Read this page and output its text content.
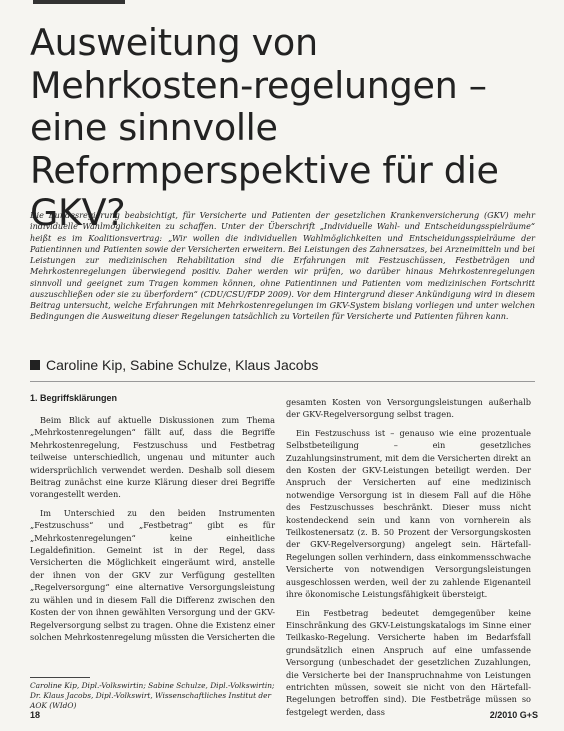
Ausweitung von Mehrkosten-regelungen – eine sinnvolle Reformperspektive für die GKV?

Die Bundesregierung beabsichtigt, für Versicherte und Patienten der gesetzlichen Krankenversicherung (GKV) mehr individuelle Wahlmöglichkeiten zu schaffen. Unter der Überschrift „Individuelle Wahl- und Entscheidungsspielräume“ heißt es im Koalitionsvertrag: „Wir wollen die individuellen Wahlmöglichkeiten und Entscheidungsspielräume der Patientinnen und Patienten sowie der Versicherten erweitern. Bei Leistungen des Zahnersatzes, bei Arzneimitteln und bei Leistungen zur medizinischen Rehabilitation sind die Erfahrungen mit Festzuschüssen, Festbeträgen und Mehrkostenregelungen überwiegend positiv. Daher werden wir prüfen, wo darüber hinaus Mehrkostenregelungen sinnvoll und geeignet zum Tragen kommen können, ohne Patientinnen und Patienten vom medizinischen Fortschritt auszuschließen oder sie zu überfordern“ (CDU/CSU/FDP 2009). Vor dem Hintergrund dieser Ankündigung wird in diesem Beitrag untersucht, welche Erfahrungen mit Mehrkostenregelungen im GKV-System bislang vorliegen und unter welchen Bedingungen die Ausweitung dieser Regelungen tatsächlich zu Vorteilen für Versicherte und Patienten führen kann.

Caroline Kip, Sabine Schulze, Klaus Jacobs
1. Begriffsklärungen

Beim Blick auf aktuelle Diskussionen zum Thema „Mehrkostenregelungen“ fällt auf, dass die Begriffe Mehrkostenregelung, Festzuschuss und Festbetrag teilweise unterschiedlich, ungenau und mitunter auch widersprüchlich verwendet werden. Deshalb soll diesem Beitrag zunächst eine kurze Klärung dieser drei Begriffe vorangestellt werden.

Im Unterschied zu den beiden Instrumenten „Festzuschuss“ und „Festbetrag“ gibt es für „Mehrkostenregelungen“ keine einheitliche Legaldefinition. Gemeint ist in der Regel, dass Versicherten die Möglichkeit eingeräumt wird, anstelle der ihnen von der GKV zur Verfügung gestellten „Regelversorgung“ eine alternative Versorgungsleistung zu wählen und in diesem Fall die Differenz zwischen den Kosten der von ihnen gewählten Versorgung und der GKV-Regelversorgung selbst zu tragen. Ohne die Existenz einer solchen Mehrkostenregelung müssten die Versicherten die

gesamten Kosten von Versorgungsleistungen außerhalb der GKV-Regelversorgung selbst tragen.

Ein Festzuschuss ist – genauso wie eine prozentuale Selbstbeteiligung – ein gesetzliches Zuzahlungsinstrument, mit dem die Versicherten direkt an den Kosten der GKV-Leistungen beteiligt werden. Der Anspruch der Versicherten auf eine medizinisch notwendige Versorgung ist in diesem Fall auf die Höhe des Festzuschusses beschränkt. Dieser muss nicht kostendeckend sein und kann von vornherein als Teilkostenersatz (z. B. 50 Prozent der Versorgungskosten der GKV-Regelversorgung) angelegt sein. Härtefall-Regelungen sollen verhindern, dass einkommensschwache Versicherte von notwendigen Versorgungsleistungen ausgeschlossen werden, weil der zu zahlende Eigenanteil ihre ökonomische Leistungsfähigkeit übersteigt.

Ein Festbetrag bedeutet demgegenüber keine Einschränkung des GKV-Leistungskatalogs im Sinne einer Teilkasko-Regelung. Versicherte haben im Bedarfsfall grundsätzlich einen Anspruch auf eine umfassende Versorgung (unbeschadet der gesetzlichen Zuzahlungen, die Versicherte bei der Inanspruchnahme von Leistungen entrichten müssen, soweit sie nicht von den Härtefall-Regelungen betroffen sind). Die Festbeträge müssen so festgelegt werden, dass

Caroline Kip, Dipl.-Volkswirtin; Sabine Schulze, Dipl.-Volkswirtin; Dr. Klaus Jacobs, Dipl.-Volkswirt, Wissenschaftliches Institut der AOK (WIdO)
18	2/2010 G+S
